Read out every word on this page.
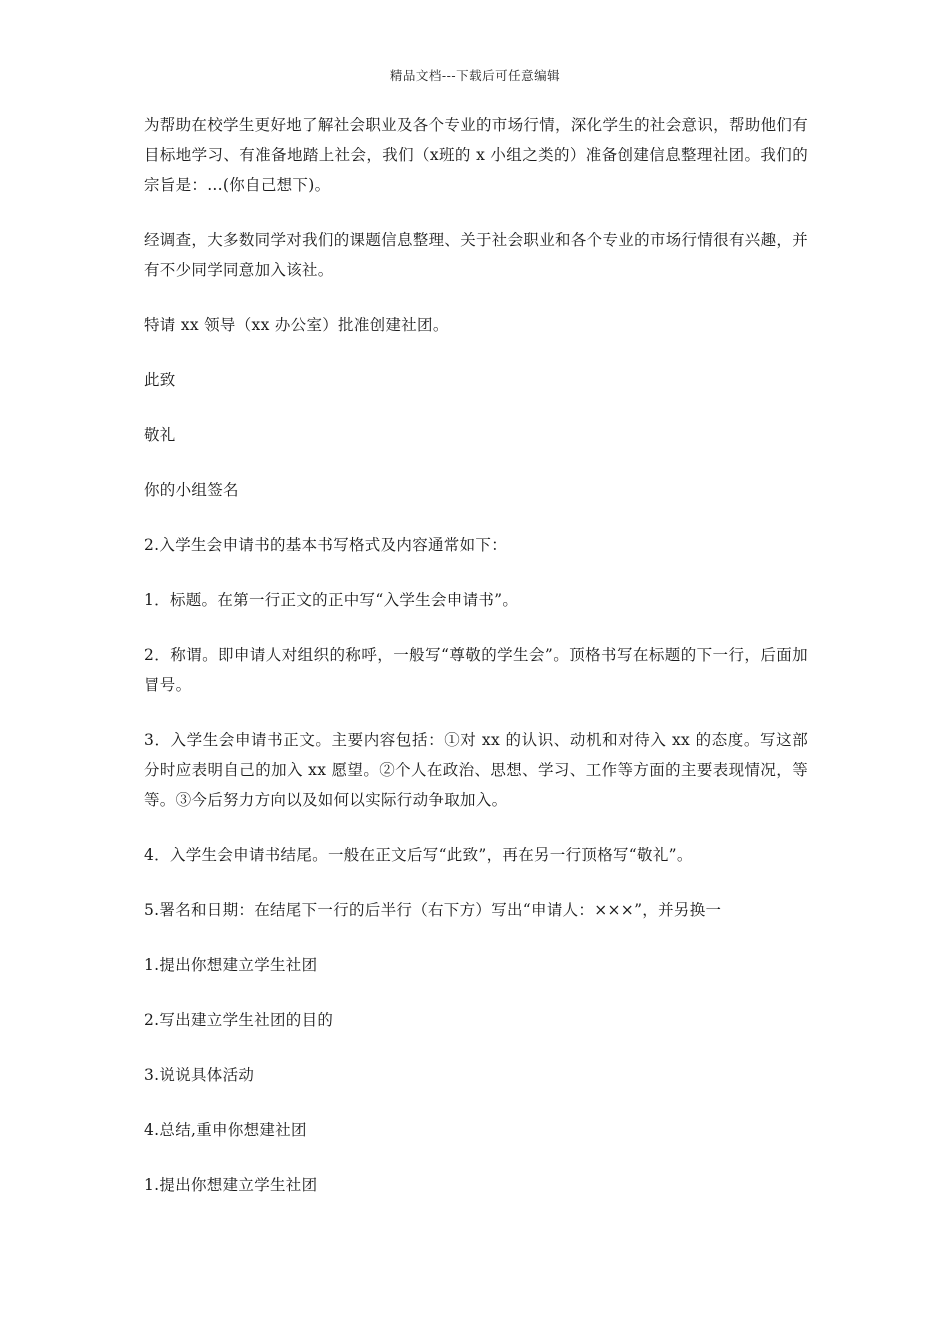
精品文档---下载后可任意编辑

为帮助在校学生更好地了解社会职业及各个专业的市场行情，深化学生的社会意识，帮助他们有目标地学习、有准备地踏上社会，我们（x班的 x 小组之类的）准备创建信息整理社团。我们的宗旨是：...(你自己想下)。

经调查，大多数同学对我们的课题信息整理、关于社会职业和各个专业的市场行情很有兴趣，并有不少同学同意加入该社。

特请 xx 领导（xx 办公室）批准创建社团。

此致

敬礼

你的小组签名

2.入学生会申请书的基本书写格式及内容通常如下：

1．标题。在第一行正文的正中写“入学生会申请书”。

2．称谓。即申请人对组织的称呼，一般写“尊敬的学生会”。顶格书写在标题的下一行，后面加冒号。

3．入学生会申请书正文。主要内容包括：①对 xx 的认识、动机和对待入 xx 的态度。写这部分时应表明自己的加入 xx 愿望。②个人在政治、思想、学习、工作等方面的主要表现情况，等等。③今后努力方向以及如何以实际行动争取加入。

4．入学生会申请书结尾。一般在正文后写“此致”，再在另一行顶格写“敬礼”。

5.署名和日期：在结尾下一行的后半行（右下方）写出“申请人：×××”，并另换一

1.提出你想建立学生社团

2.写出建立学生社团的目的

3.说说具体活动

4.总结,重申你想建社团

1.提出你想建立学生社团
